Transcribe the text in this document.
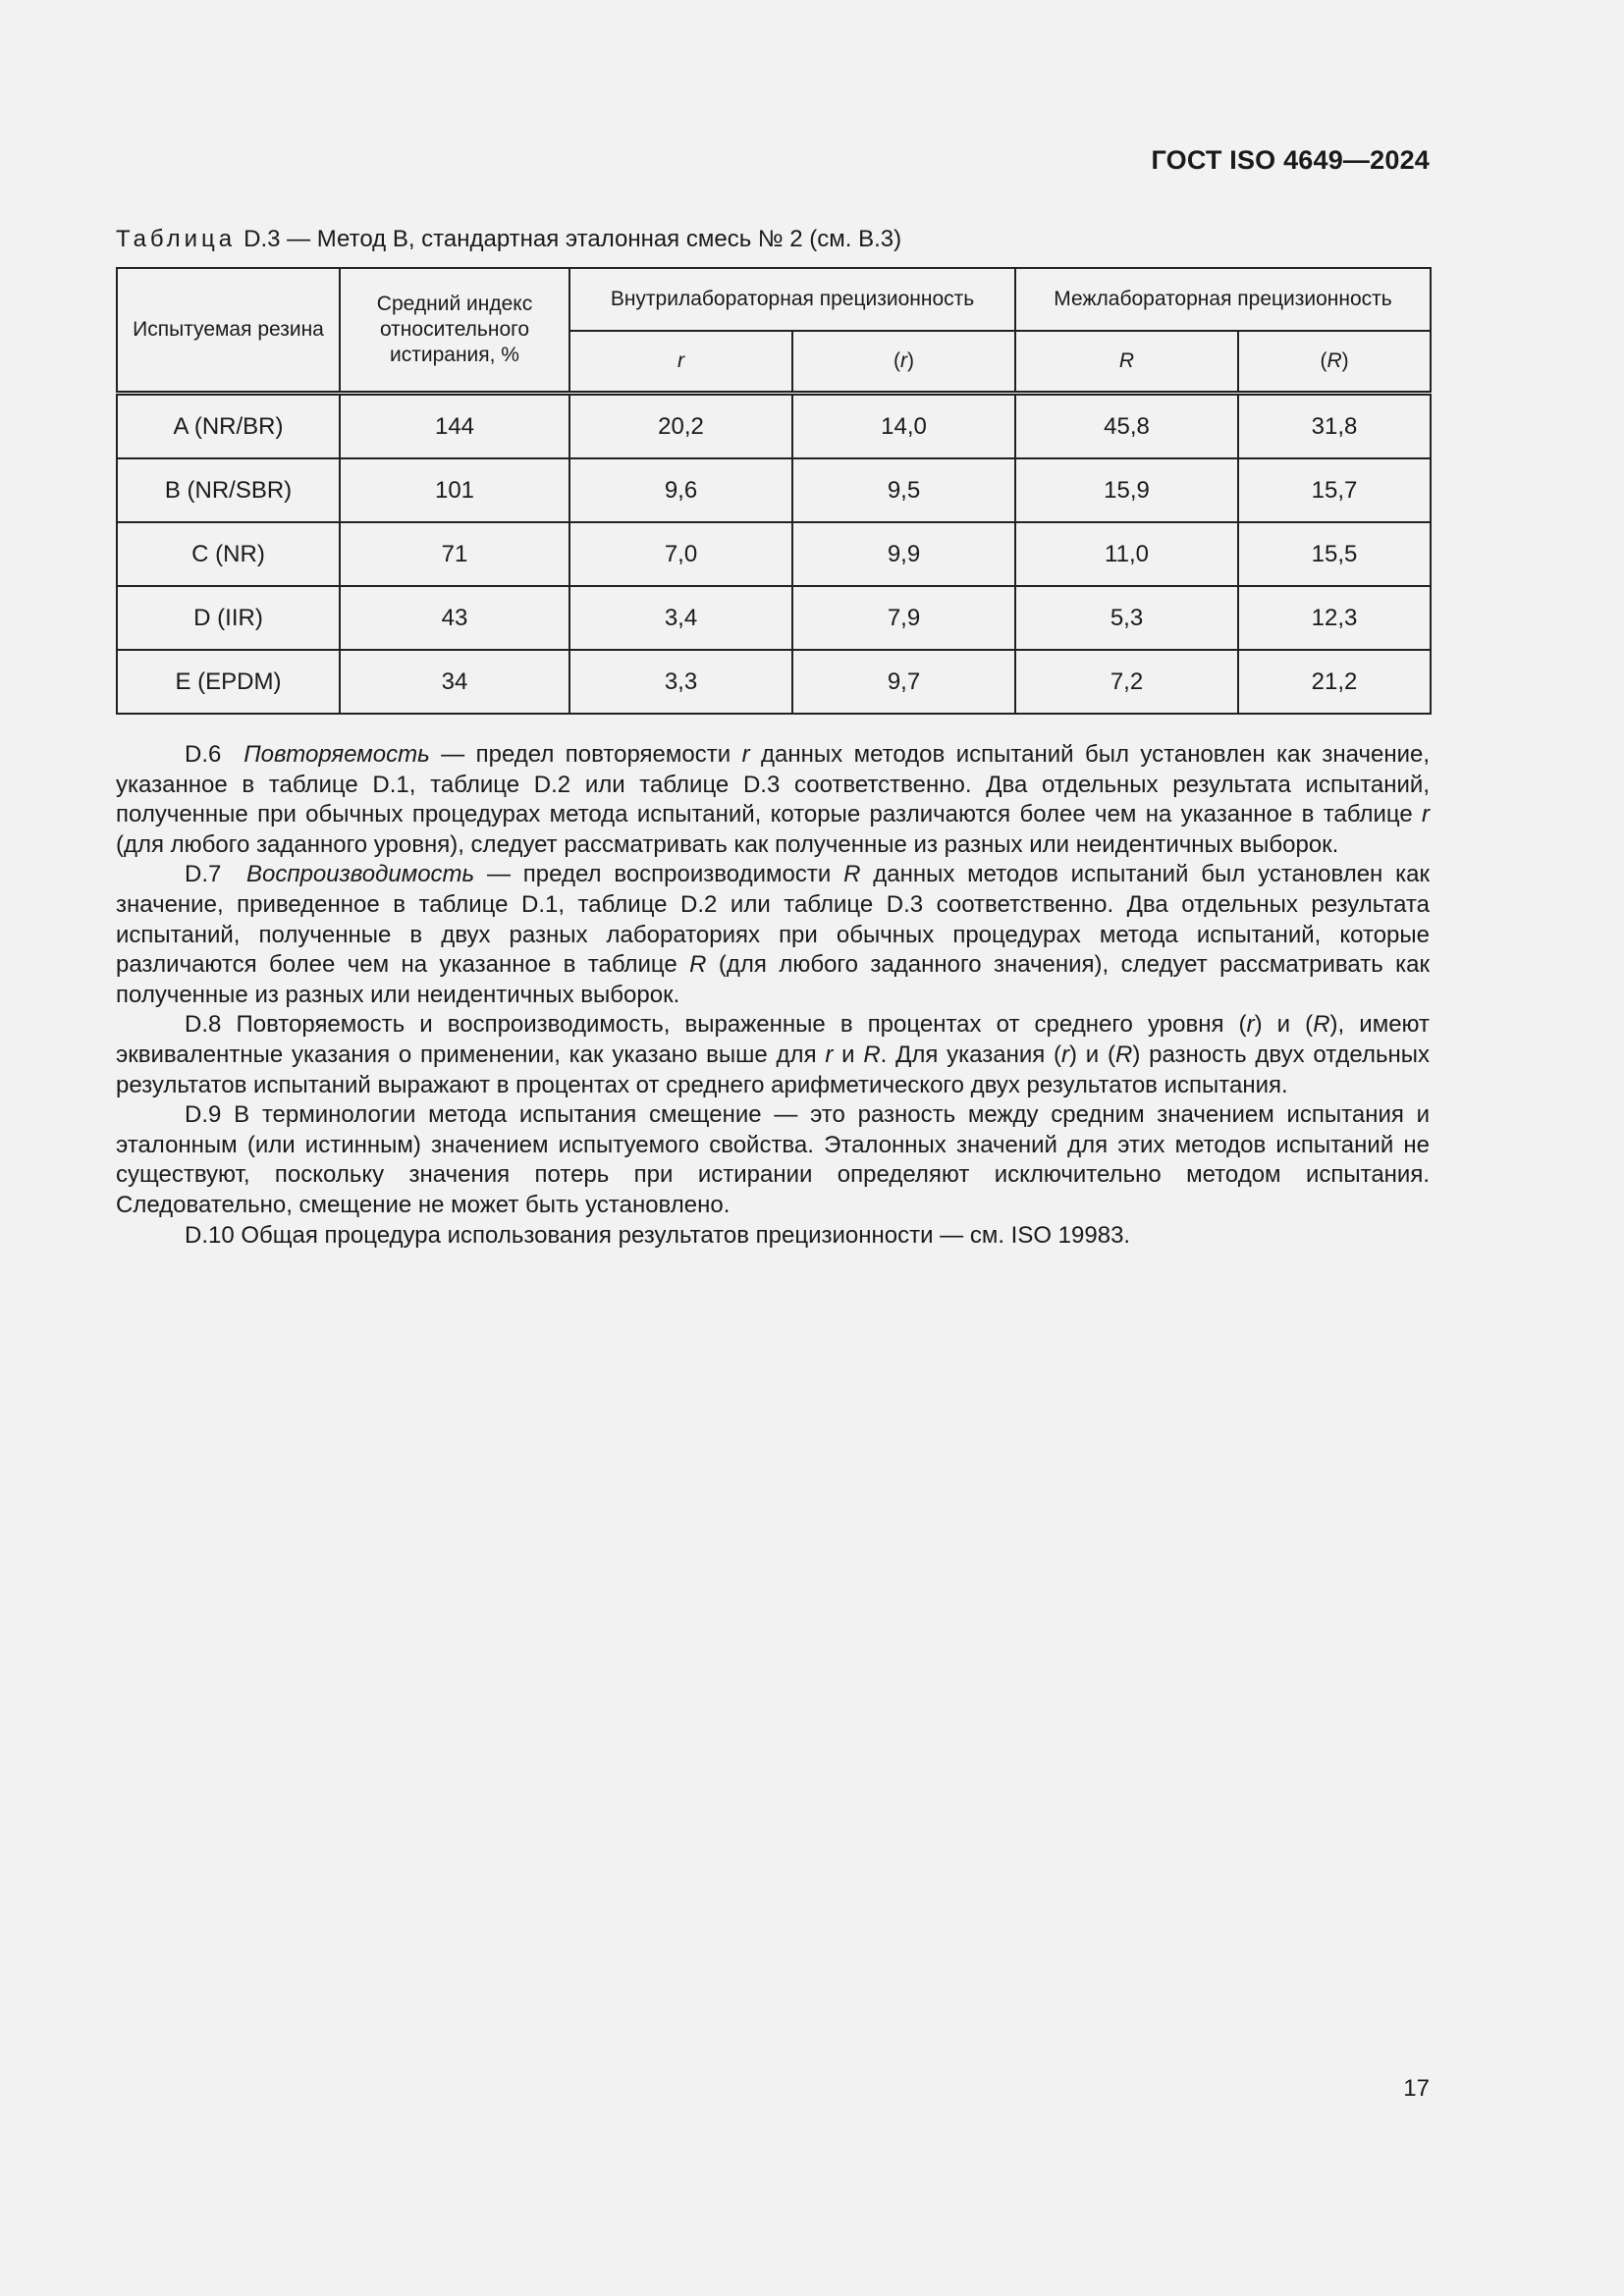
ГОСТ ISO 4649—2024
Таблица D.3 — Метод B, стандартная эталонная смесь № 2 (см. B.3)
Испытуемая резина	Средний индекс относительного истирания, %	Внутрилабораторная прецизионность		Межлабораторная прецизионность	
		r	(r)	R	(R)
A (NR/BR)	144	20,2	14,0	45,8	31,8
B (NR/SBR)	101	9,6	9,5	15,9	15,7
C (NR)	71	7,0	9,9	11,0	15,5
D (IIR)	43	3,4	7,9	5,3	12,3
E (EPDM)	34	3,3	9,7	7,2	21,2

D.6 Повторяемость — предел повторяемости r данных методов испытаний был установлен как значение, указанное в таблице D.1, таблице D.2 или таблице D.3 соответственно. Два отдельных результата испытаний, полученные при обычных процедурах метода испытаний, которые различаются более чем на указанное в таблице r (для любого заданного уровня), следует рассматривать как полученные из разных или неидентичных выборок.

D.7 Воспроизводимость — предел воспроизводимости R данных методов испытаний был установлен как значение, приведенное в таблице D.1, таблице D.2 или таблице D.3 соответственно. Два отдельных результата испытаний, полученные в двух разных лабораториях при обычных процедурах метода испытаний, которые различаются более чем на указанное в таблице R (для любого заданного значения), следует рассматривать как полученные из разных или неидентичных выборок.

D.8 Повторяемость и воспроизводимость, выраженные в процентах от среднего уровня (r) и (R), имеют эквивалентные указания о применении, как указано выше для r и R. Для указания (r) и (R) разность двух отдельных результатов испытаний выражают в процентах от среднего арифметического двух результатов испытания.

D.9 В терминологии метода испытания смещение — это разность между средним значением испытания и эталонным (или истинным) значением испытуемого свойства. Эталонных значений для этих методов испытаний не существуют, поскольку значения потерь при истирании определяют исключительно методом испытания. Следовательно, смещение не может быть установлено.

D.10 Общая процедура использования результатов прецизионности — см. ISO 19983.

17
